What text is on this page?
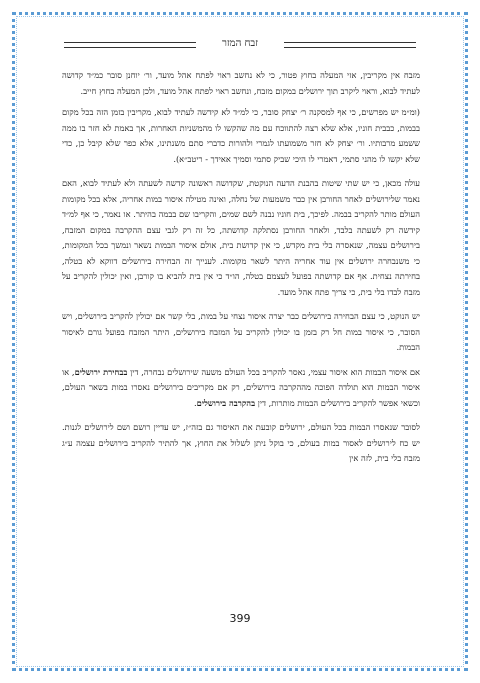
זבח המזר

מזבח אין מקריבין, אזי המעלה בחוץ פטור, כי לא נחשב ראוי לפתח אהל מועד, ור׳ יוחנן סובר כמ״ד קדושה לעתיד לבוא, וראוי ליקרב תוך ירושלים במקום מזבח, ונחשב ראוי לפתח אהל מועד, ולכן המעלה בחוץ חייב.

(ומ״מ יש מפרשים, כי אף למסקנה ר׳ יצחק סובר, כי למ״ד לא קידשה לעתיד לבוא, מקריבין בזמן הזה בכל מקום בבמות, כבבית חוניו, אלא שלא רצה להתווכח עם מה שהקשו לו מהמשניות האחרות, אך באמת לא חזר בו ממה ששמע מרבותיו. ור׳ יצחק לא חזר משמועתו לגמרי ולהורות כדברי סתם משנתינו, אלא כפר שלא קיבל כן, כדי שלא יקשו לו מהני סתמי, דאמרי לו היכי שביק סתמי וסמיך אאידך - ריטב״א).

עולה מכאן, כי יש שתי שיטות בהבנת הדעה הנוקטת, שקדושה ראשונה קדשה לשעתה ולא לעתיד לבוא, האם נאמר שלירושלים לאחר החורבן אין כבר משמעות של נחלה, ואינה מטילה איסור במות אחריה, אלא בכל מקומות העולם מותר להקריב בבמה. לפיכך, בית חוניו נבנה לשם שמים, והקריבו שם בבמה בהיתר. או נאמר, כי אף למ״ד קידשה רק לשעתה בלבד, ולאחר החורבן נסתלקה קדושתה, כל זה רק לגבי עצם ההקרבה במקום המזבח, בירושלים עצמה, שנאסרה בלי בית מקדש, כי אין קדושת בית, אולם איסור הבמות נשאר ונמשך בכל המקומות, כי משנבחרה ירושלים אין עוד אחריה היתר לשאר מקומות. לענייך זה הבחירה בירושלים דווקא לא בטלה, בחירתה נצחית. אף אם קדושתה בפועל לעצמם בטלה, הו״ד כי אין בית להביא בו קורבן, ואין יכולין להקריב על מזבח לבדו בלי בית, כי צריך פתח אהל מועד.

יש הנוקט, כי עצם הבחירה בירושלים כבר יצרה איסור נצחי על במות, בלי קשר אם יכולין להקריב בירושלים, ויש הסובר, כי איסור במות חל רק בזמן בו יכולין להקריב על המזבח בירושלים, היתר המזבח בפועל גורם לאיסור הבמות.

אם איסור הבמות הוא איסור עצמי, נאסר להקריב בכל העולם משעה שירושלים נבחרה, דין בבחירת ירושלים, או איסור הבמות הוא תולדה הפוכה מההקרבה בירושלים, רק אם מקריבים בירושלים נאסרו במות בשאר העולם, וכשאי אפשר להקריב בירושלים הבמות מותרות, דין בהקרבה בירושלים.

לסובר שנאסרו הבמות בכל העולם, ירושלים קובעת את האיסור גם בזה״ז, יש עדיין רושם ושם לירושלים לגנות. יש כח לירושלים לאסור במות בעולם, כי בוקל ניתן לשלול את החוץ, אך להתיר להקריב בירושלים עצמה ע״ג מזבח בלי בית, לזה אין

399
